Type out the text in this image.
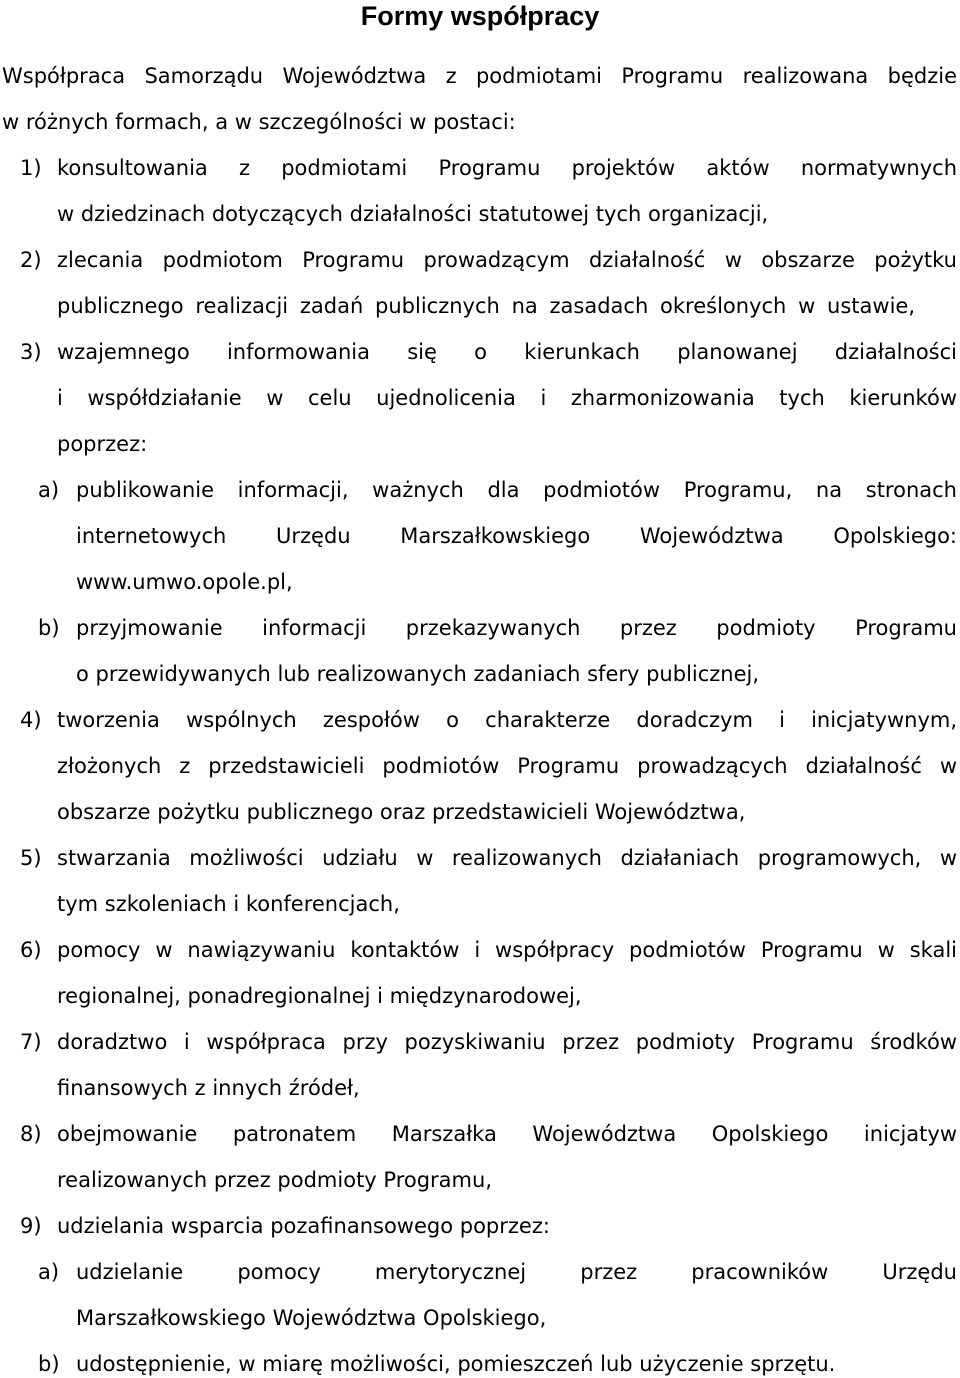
Formy współpracy
Współpraca Samorządu Województwa z podmiotami Programu realizowana będzie
w różnych formach, a w szczególności w postaci:
1) konsultowania z podmiotami Programu projektów aktów normatywnych
w dziedzinach dotyczących działalności statutowej tych organizacji,
2) zlecania podmiotom Programu prowadzącym działalność w obszarze pożytku
publicznego realizacji zadań publicznych na zasadach określonych w ustawie,
3) wzajemnego informowania się o kierunkach planowanej działalności
i współdziałanie w celu ujednolicenia i zharmonizowania tych kierunków
poprzez:
a) publikowanie informacji, ważnych dla podmiotów Programu, na stronach
internetowych Urzędu Marszałkowskiego Województwa Opolskiego:
www.umwo.opole.pl,
b) przyjmowanie informacji przekazywanych przez podmioty Programu
o przewidywanych lub realizowanych zadaniach sfery publicznej,
4) tworzenia wspólnych zespołów o charakterze doradczym i inicjatywnym,
złożonych z przedstawicieli podmiotów Programu prowadzących działalność w
obszarze pożytku publicznego oraz przedstawicieli Województwa,
5) stwarzania możliwości udziału w realizowanych działaniach programowych, w
tym szkoleniach i konferencjach,
6) pomocy w nawiązywaniu kontaktów i współpracy podmiotów Programu w skali
regionalnej, ponadregionalnej i międzynarodowej,
7) doradztwo i współpraca przy pozyskiwaniu przez podmioty Programu środków
finansowych z innych źródeł,
8) obejmowanie patronatem Marszałka Województwa Opolskiego inicjatyw
realizowanych przez podmioty Programu,
9) udzielania wsparcia pozafinansowego poprzez:
a) udzielanie pomocy merytorycznej przez pracowników Urzędu
Marszałkowskiego Województwa Opolskiego,
b) udostępnienie, w miarę możliwości, pomieszczeń lub użyczenie sprzętu.
